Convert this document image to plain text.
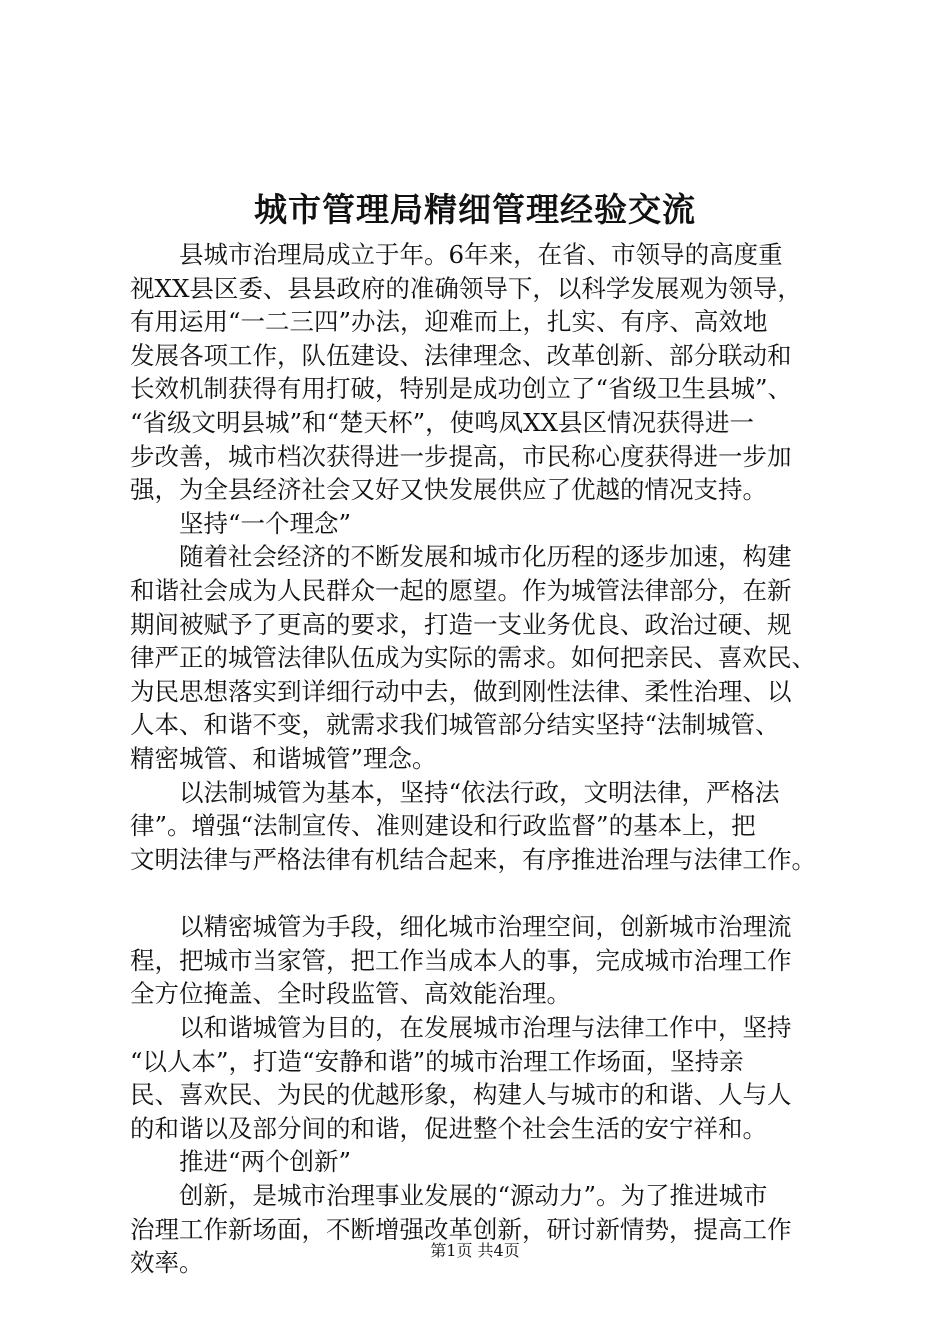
城市管理局精细管理经验交流
　　县城市治理局成立于年。6年来，在省、市领导的高度重
视XX县区委、县县政府的准确领导下，以科学发展观为领导，
有用运用“一二三四”办法，迎难而上，扎实、有序、高效地
发展各项工作，队伍建设、法律理念、改革创新、部分联动和
长效机制获得有用打破，特别是成功创立了“省级卫生县城”、
“省级文明县城”和“楚天杯”，使鸣凤XX县区情况获得进一
步改善，城市档次获得进一步提高，市民称心度获得进一步加
强，为全县经济社会又好又快发展供应了优越的情况支持。
　　坚持“一个理念”
　　随着社会经济的不断发展和城市化历程的逐步加速，构建
和谐社会成为人民群众一起的愿望。作为城管法律部分，在新
期间被赋予了更高的要求，打造一支业务优良、政治过硬、规
律严正的城管法律队伍成为实际的需求。如何把亲民、喜欢民、
为民思想落实到详细行动中去，做到刚性法律、柔性治理、以
人本、和谐不变，就需求我们城管部分结实坚持“法制城管、
精密城管、和谐城管”理念。
　　以法制城管为基本，坚持“依法行政，文明法律，严格法
律”。增强“法制宣传、准则建设和行政监督”的基本上，把
文明法律与严格法律有机结合起来，有序推进治理与法律工作。
　　以精密城管为手段，细化城市治理空间，创新城市治理流
程，把城市当家管，把工作当成本人的事，完成城市治理工作
全方位掩盖、全时段监管、高效能治理。
　　以和谐城管为目的，在发展城市治理与法律工作中，坚持
“以人本”，打造“安静和谐”的城市治理工作场面，坚持亲
民、喜欢民、为民的优越形象，构建人与城市的和谐、人与人
的和谐以及部分间的和谐，促进整个社会生活的安宁祥和。
　　推进“两个创新”
　　创新，是城市治理事业发展的“源动力”。为了推进城市
治理工作新场面，不断增强改革创新，研讨新情势，提高工作
效率。	第1页 共4页
